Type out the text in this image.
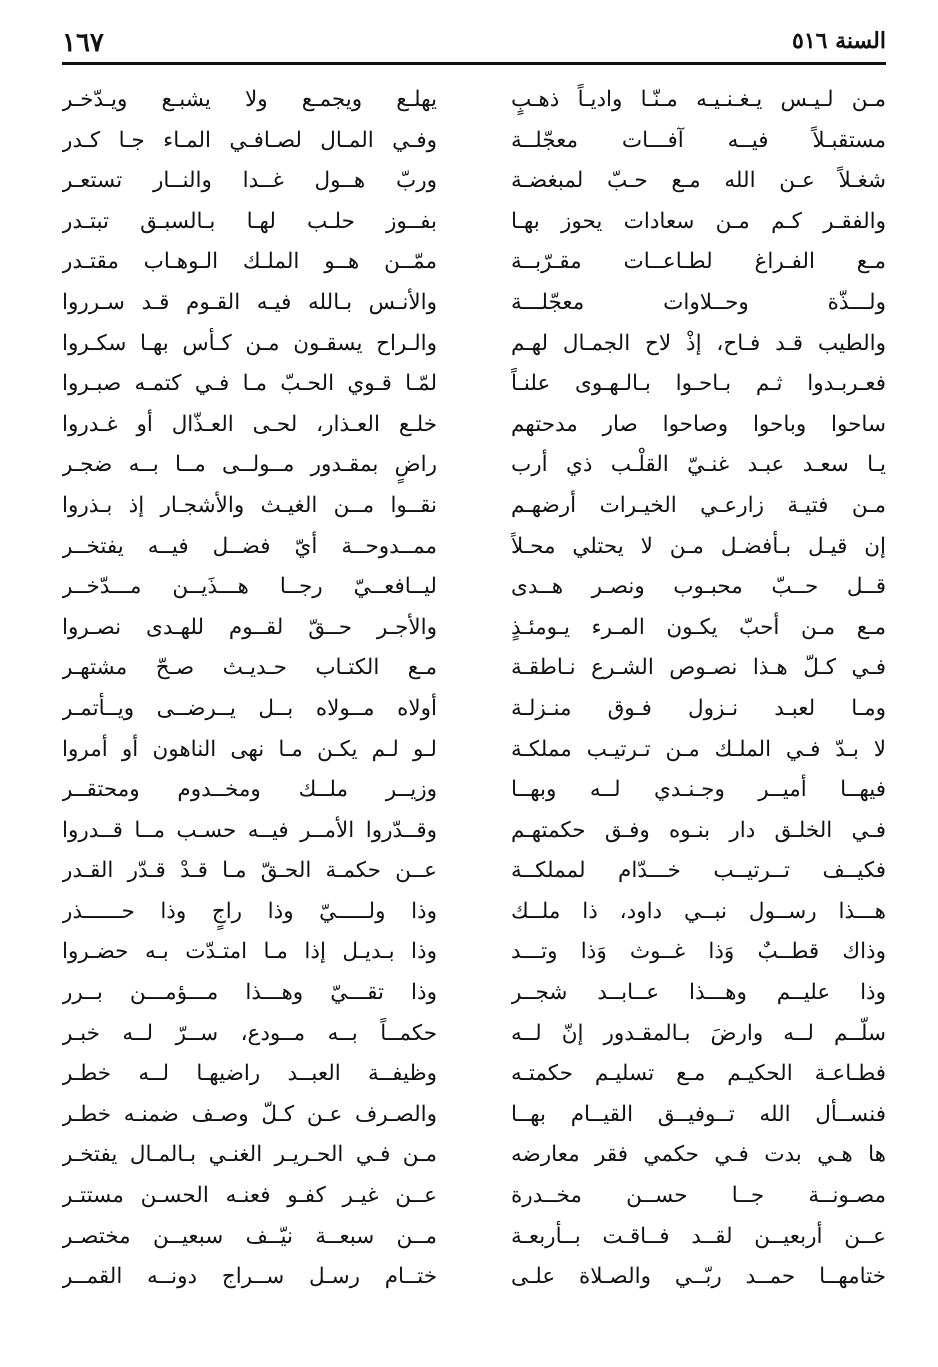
السنة ٥١٦
١٦٧
مـن لـيـس يـغـنـيـه مـنّـا واديـاً ذهـبٍ
مستقبـلاً فيــه آفـــات معجّلــة
شغـلاً عـن الله مـع حـبّ لمبغضـة
والفقـر كـم مـن سعادات يحوز بهـا
مـع الفـراغ لطـاعــات مقـرّبــة
ولـــذّة وحــلاوات معجّلـــة
والطيب قـد فـاح، إذْ لاح الجمـال لهـم
فعـربـدوا ثـم بـاحـوا بـالـهـوى علنـاً
ساحوا وباحوا وصاحوا صار مدحتهم
يـا سعـد عبـد غنـيّ القلْـب ذي أرب
مـن فتيـة زارعـي الخيـرات أرضهـم
إن قيـل بـأفضـل مـن لا يحتلي محـلاً
قــل حــبّ محبـوب ونصـر هــدى
مـع مـن أحبّ يكـون المـرء يـومئـذٍ
فـي كـلّ هـذا نصـوص الشـرع نـاطقـة
ومـا لعبـد نـزول فـوق منـزلـة
لا بـدّ فـي الملـك مـن تـرتيـب مملكـة
فيهــا أميــر وجـنـدي لــه وبهــا
فـي الخلـق دار بنـوه وفـق حكمتهـم
فكيــف تــرتيــب خـــدّام لمملكــة
هـــذا رســول نبــي داود، ذا ملــك
وذاك قطــبٌ وَذا غــوث وَذا وتـــد
وذا عليــم وهـــذا عــابــد شجــر
سلّــم لــه وارضَ بـالمقـدور إنّ لــه
فطـاعـة الحكيـم مـع تسليـم حكمتـه
فنســأل الله تــوفيــق القيــام بهــا
ها هـي بدت فـي حكمي فقر معارضه
مصـونــة جــا حســن مخــدرة
عــن أربعيــن لقــد فــاقـت بــأربعـة
ختامهــا حمــد ربّــي والصـلاة علـى
يهلـع ويجمـع ولا يشبـع ويـدّخـر
وفـي المـال لصـافـي المـاء جـا كـدر
وربّ هــول غــدا والنــار تستعـر
بفــوز حلـب لهـا بـالسبـق تبتـدر
ممّــن هــو الملـك الـوهـاب مقتـدر
والأنـس بـالله فيـه القـوم قـد سـرروا
والـراح يسقـون مـن كـأس بهـا سكـروا
لمّـا قـوي الحـبّ مـا فـي كتمـه صبـروا
خلـع العـذار، لحـى العـذّال أو غـدروا
راضٍ بمقـدور مــولــى مــا بــه ضجـر
نقــوا مــن الغيـث والأشجـار إذ بـذروا
ممــدوحــة أيّ فضــل فيــه يفتخــر
ليــافعــيّ رجــا هـــذَيــن مـــدّخــر
والأجـر حــقّ لقــوم للهـدى نصـروا
مـع الكتـاب حـديـث صـحّ مشتهـر
أولاه مــولاه بــل يــرضــى ويــأتمـر
لـو لـم يكـن مـا نهى الناهون أو أمروا
وزيــر ملــك ومخــدوم ومحتقــر
وقــدّروا الأمــر فيــه حسـب مــا قــدروا
عــن حكمـة الحـقّ مـا قـدْ قـدّر القـدر
وذا ولـــــيّ وذا راجٍ وذا حــــــذر
وذا بـديـل إذا مـا امتـدّت بـه حضـروا
وذا تقـــيّ وهـــذا مـــؤمـــن بــرر
حكمــاً بــه مــودع، ســرّ لــه خبـر
وظيفــة العبــد راضيهـا لــه خطـر
والصـرف عـن كـلّ وصـف ضمنـه خطـر
مـن فـي الحـريـر الغنـي بـالمـال يفتخـر
عــن غيـر كفـو فعنـه الحسـن مستتـر
مــن سبعــة نيّــف سبعيــن مختصـر
ختــام رسـل ســراج دونــه القمــر
